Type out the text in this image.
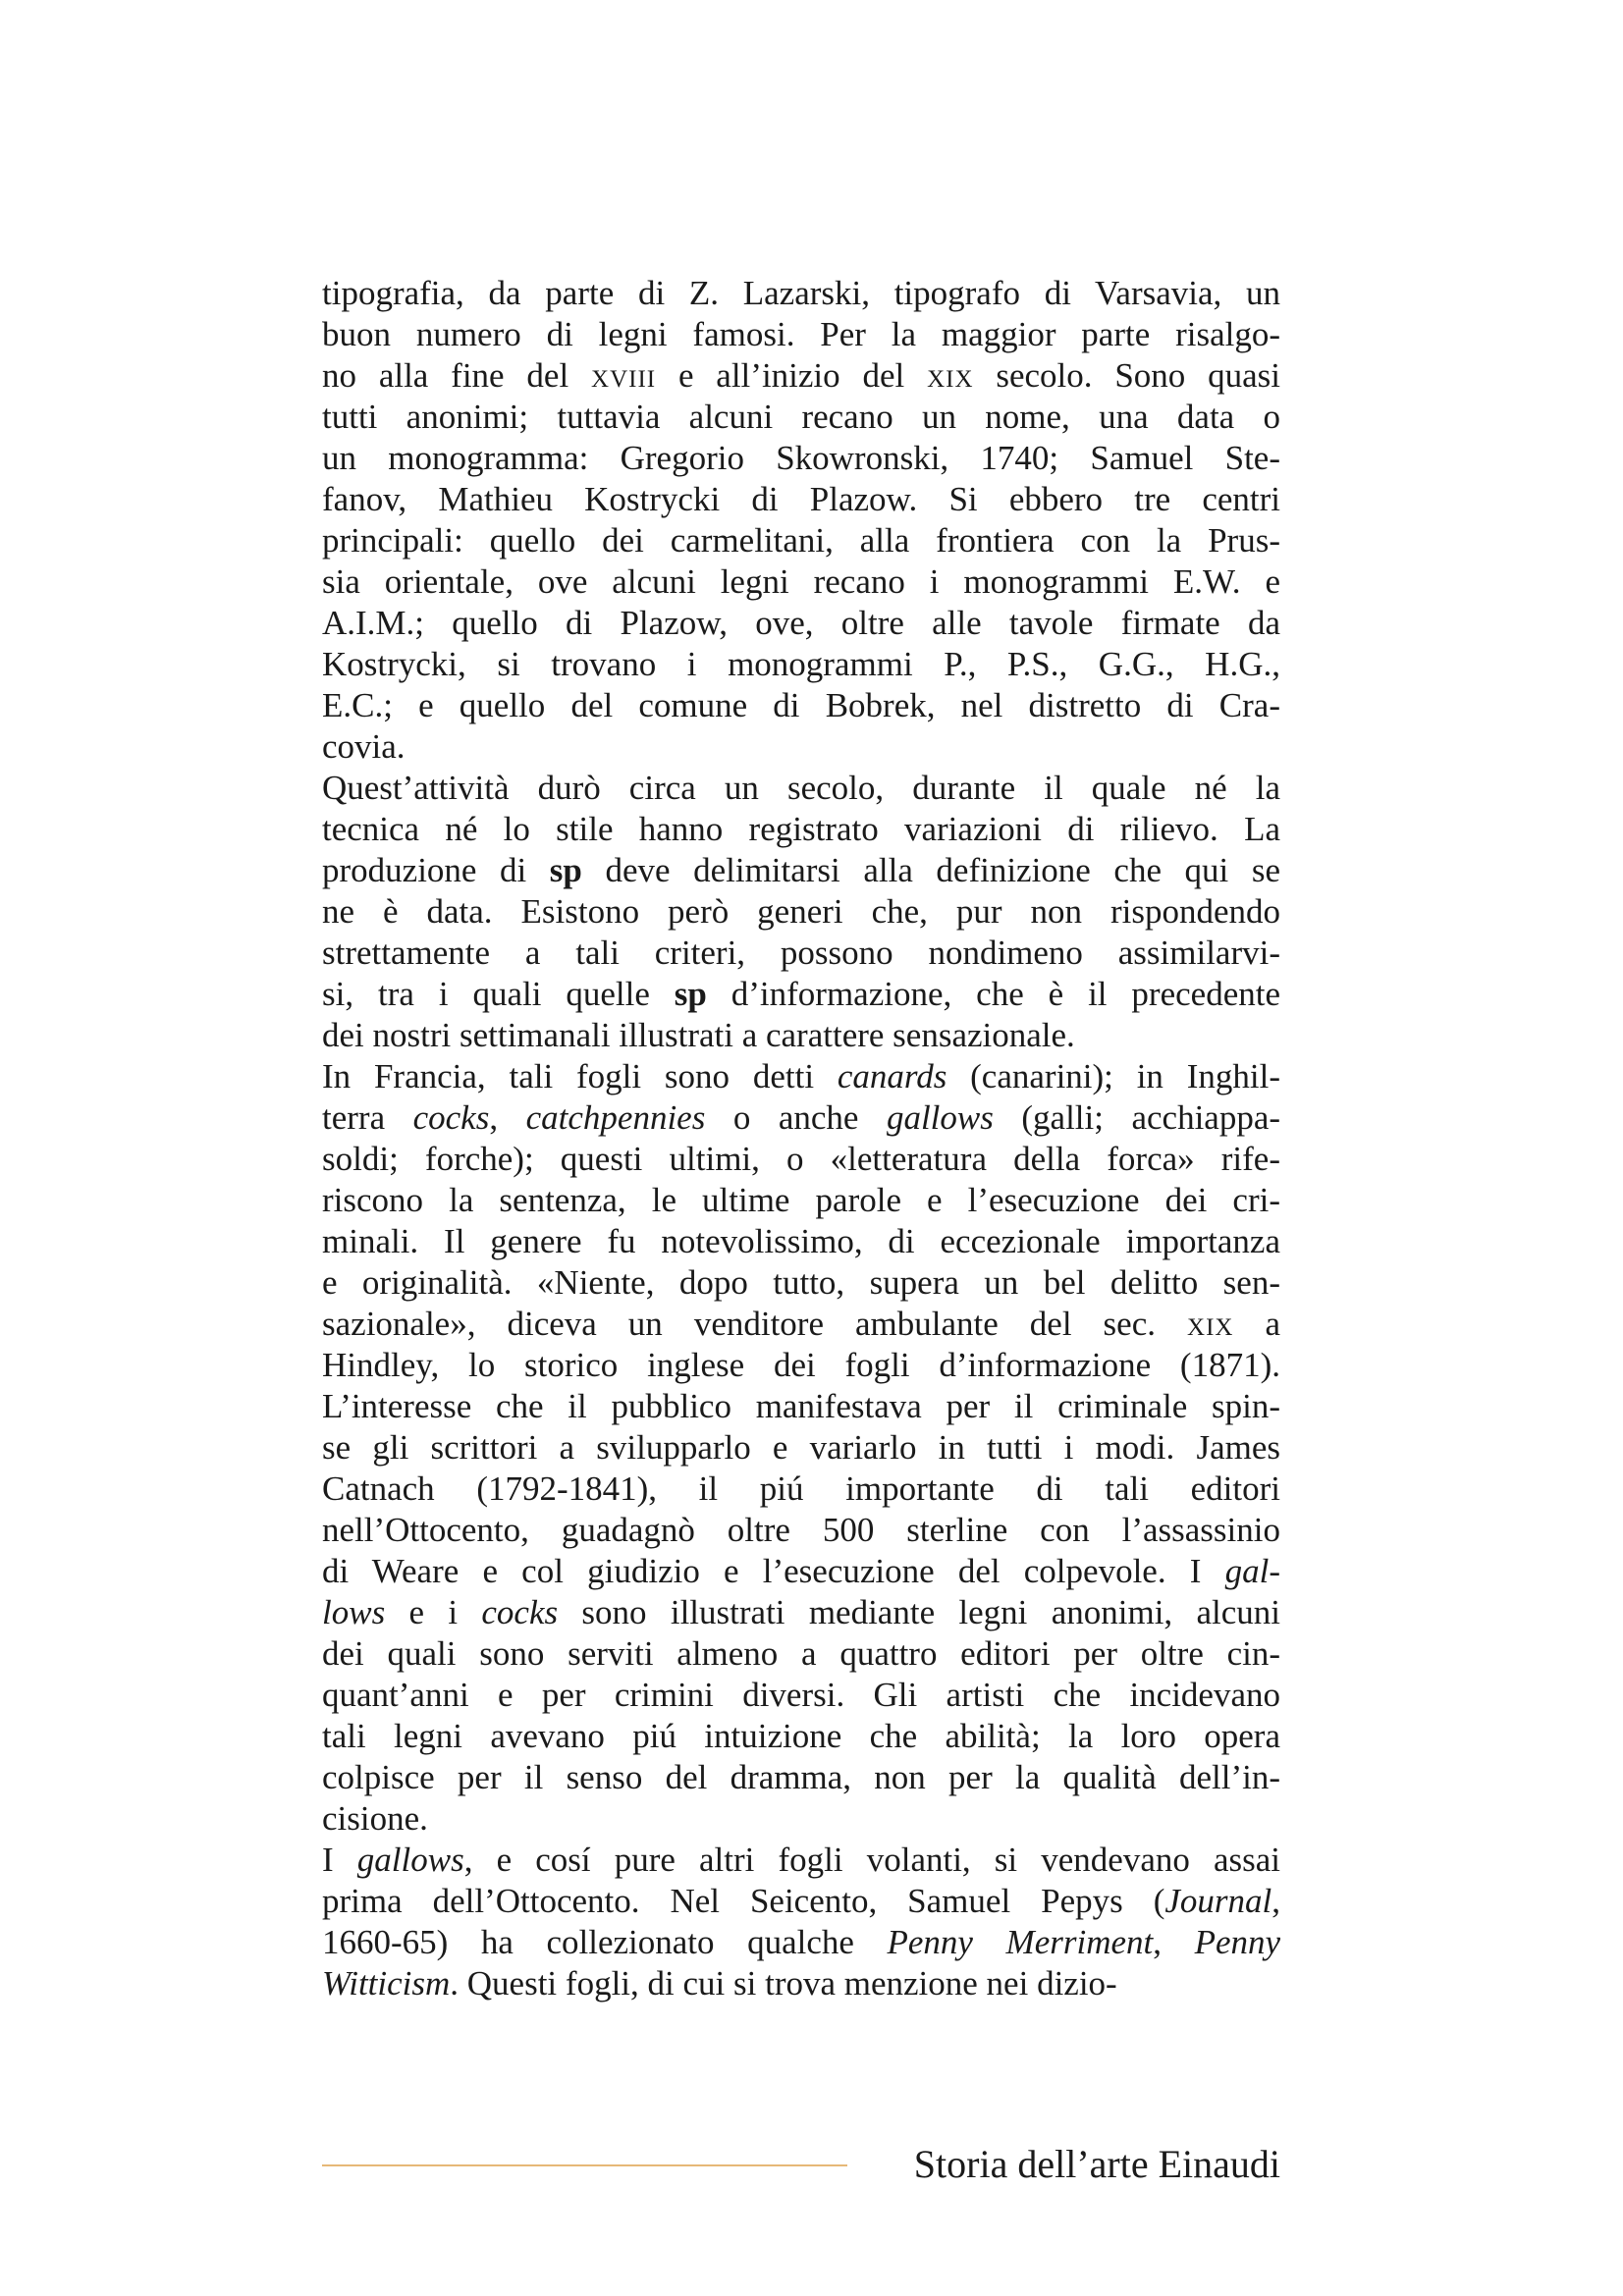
tipografia, da parte di Z. Lazarski, tipografo di Varsavia, un
buon numero di legni famosi. Per la maggior parte risalgo-
no alla fine del xviii e all’inizio del xix secolo. Sono quasi
tutti anonimi; tuttavia alcuni recano un nome, una data o
un monogramma: Gregorio Skowronski, 1740; Samuel Ste-
fanov, Mathieu Kostrycki di Plazow. Si ebbero tre centri
principali: quello dei carmelitani, alla frontiera con la Prus-
sia orientale, ove alcuni legni recano i monogrammi E.W. e
A.I.M.; quello di Plazow, ove, oltre alle tavole firmate da
Kostrycki, si trovano i monogrammi P., P.S., G.G., H.G.,
E.C.; e quello del comune di Bobrek, nel distretto di Cra-
covia.
Quest’attività durò circa un secolo, durante il quale né la
tecnica né lo stile hanno registrato variazioni di rilievo. La
produzione di sp deve delimitarsi alla definizione che qui se
ne è data. Esistono però generi che, pur non rispondendo
strettamente a tali criteri, possono nondimeno assimilarvi-
si, tra i quali quelle sp d’informazione, che è il precedente
dei nostri settimanali illustrati a carattere sensazionale.
In Francia, tali fogli sono detti canards (canarini); in Inghil-
terra cocks, catchpennies o anche gallows (galli; acchiappa-
soldi; forche); questi ultimi, o «letteratura della forca» rife-
riscono la sentenza, le ultime parole e l’esecuzione dei cri-
minali. Il genere fu notevolissimo, di eccezionale importanza
e originalità. «Niente, dopo tutto, supera un bel delitto sen-
sazionale», diceva un venditore ambulante del sec. xix a
Hindley, lo storico inglese dei fogli d’informazione (1871).
L’interesse che il pubblico manifestava per il criminale spin-
se gli scrittori a svilupparlo e variarlo in tutti i modi. James
Catnach (1792-1841), il piú importante di tali editori
nell’Ottocento, guadagnò oltre 500 sterline con l’assassinio
di Weare e col giudizio e l’esecuzione del colpevole. I gal-
lows e i cocks sono illustrati mediante legni anonimi, alcuni
dei quali sono serviti almeno a quattro editori per oltre cin-
quant’anni e per crimini diversi. Gli artisti che incidevano
tali legni avevano piú intuizione che abilità; la loro opera
colpisce per il senso del dramma, non per la qualità dell’in-
cisione.
I gallows, e cosí pure altri fogli volanti, si vendevano assai
prima dell’Ottocento. Nel Seicento, Samuel Pepys (Journal,
1660-65) ha collezionato qualche Penny Merriment, Penny
Witticism. Questi fogli, di cui si trova menzione nei dizio-
Storia dell’arte Einaudi
